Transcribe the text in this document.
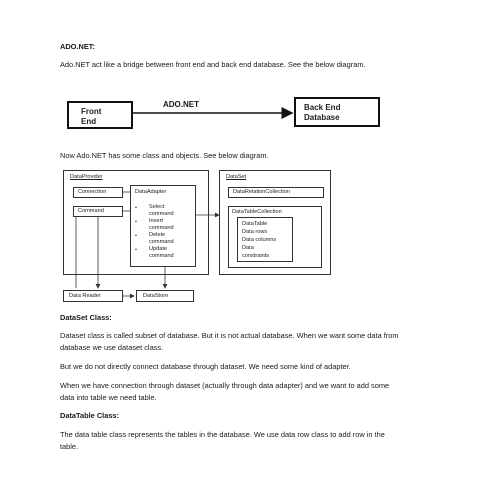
ADO.NET:
Ado.NET act like a bridge between front end and back end database. See the below diagram.
Front
End
ADO.NET	Back End
Database
Now Ado.NET has some class and objects. See below diagram.
DataProvider
Connection
Command
DataAdapter
• Select
command
• Insert
command
• Delete
command
• Update
command
DataSet
DataRelationCollection
DataTableCollection
DataTable
Data rows
Data columns
Data
constraints
Data Reader	DataStore
DataSet Class:
Dataset class is called subset of database. But it is not actual database. When we want some data from
database we use dataset class.
But we do not directly connect database through dataset. We need some kind of adapter.
When we have connection through dataset (actually through data adapter) and we want to add some
data into table we need table.
DataTable Class:
The data table class represents the tables in the database. We use data row class to add row in the
table.
